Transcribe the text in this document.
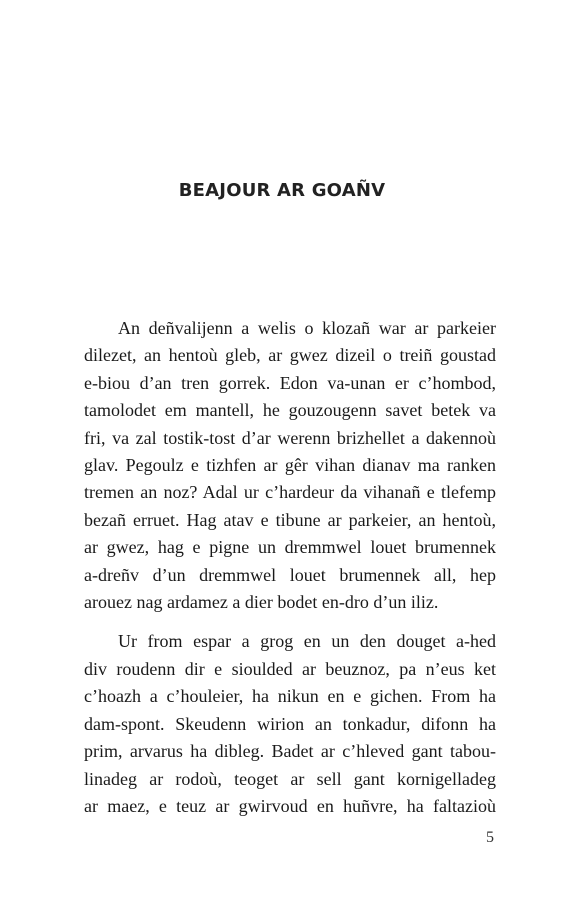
BEAJOUR AR GOAÑV

An deñvalijenn a welis o klozañ war ar parkeier
dilezet, an hentoù gleb, ar gwez dizeil o treiñ goustad
e-biou d’an tren gorrek. Edon va-unan er c’hombod,
tamolodet em mantell, he gouzougenn savet betek va
fri, va zal tostik-tost d’ar werenn brizhellet a dakennoù
glav. Pegoulz e tizhfen ar gêr vihan dianav ma ranken
tremen an noz? Adal ur c’hardeur da vihanañ e tlefemp
bezañ erruet. Hag atav e tibune ar parkeier, an hentoù,
ar gwez, hag e pigne un dremmwel louet brumennek
a-dreñv d’un dremmwel louet brumennek all, hep
arouez nag ardamez a dier bodet en-dro d’un iliz.

Ur from espar a grog en un den douget a-hed
div roudenn dir e sioulded ar beuznoz, pa n’eus ket
c’hoazh a c’houleier, ha nikun en e gichen. From ha
dam-spont. Skeudenn wirion an tonkadur, difonn ha
prim, arvarus ha dibleg. Badet ar c’hleved gant tabou-
linadeg ar rodoù, teoget ar sell gant kornigelladeg
ar maez, e teuz ar gwirvoud en huñvre, ha faltazioù

5
